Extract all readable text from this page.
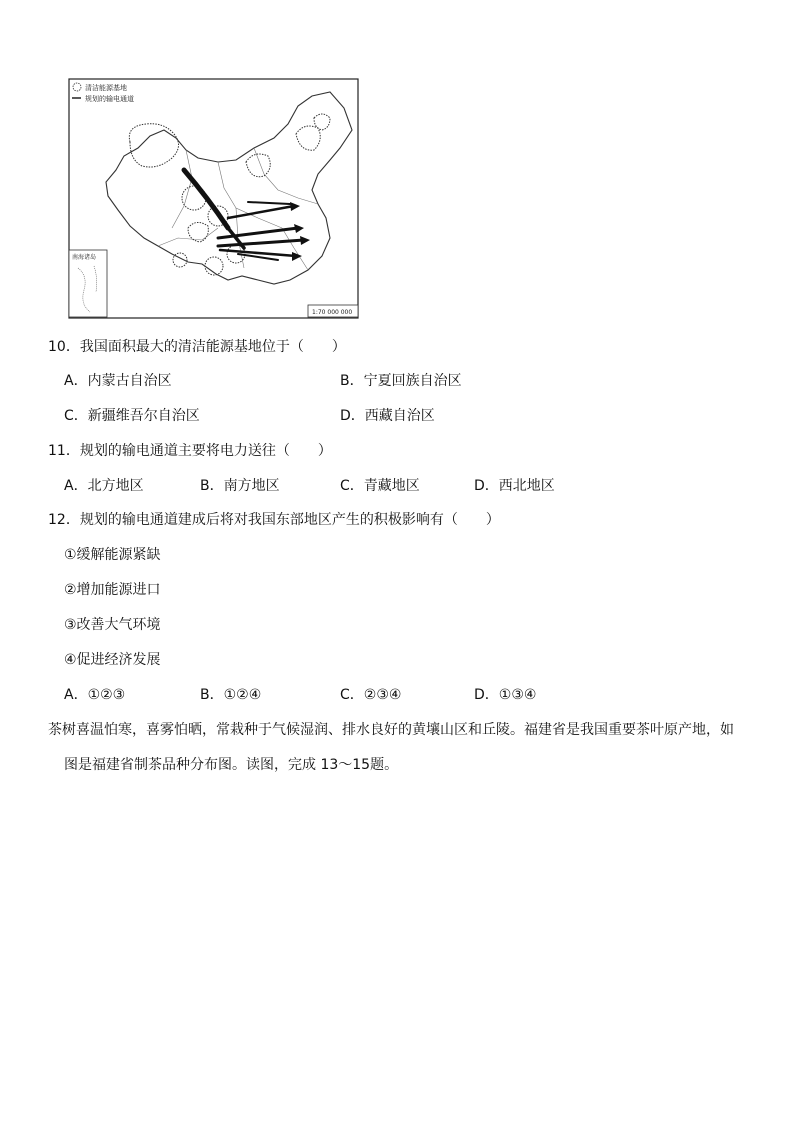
清洁能源基地
规划的输电通道
南海诸岛
1:70 000 000
10．我国面积最大的清洁能源基地位于（　　）
A．内蒙古自治区	B．宁夏回族自治区
C．新疆维吾尔自治区	D．西藏自治区
11．规划的输电通道主要将电力送往（　　）
A．北方地区	B．南方地区	C．青藏地区	D．西北地区
12．规划的输电通道建成后将对我国东部地区产生的积极影响有（　　）
①缓解能源紧缺
②增加能源进口
③改善大气环境
④促进经济发展
A．①②③	B．①②④	C．②③④	D．①③④
茶树喜温怕寒，喜雾怕晒，常栽种于气候湿润、排水良好的黄壤山区和丘陵。福建省是我国重要茶叶原产地，如
图是福建省制茶品种分布图。读图，完成 13～15题。
